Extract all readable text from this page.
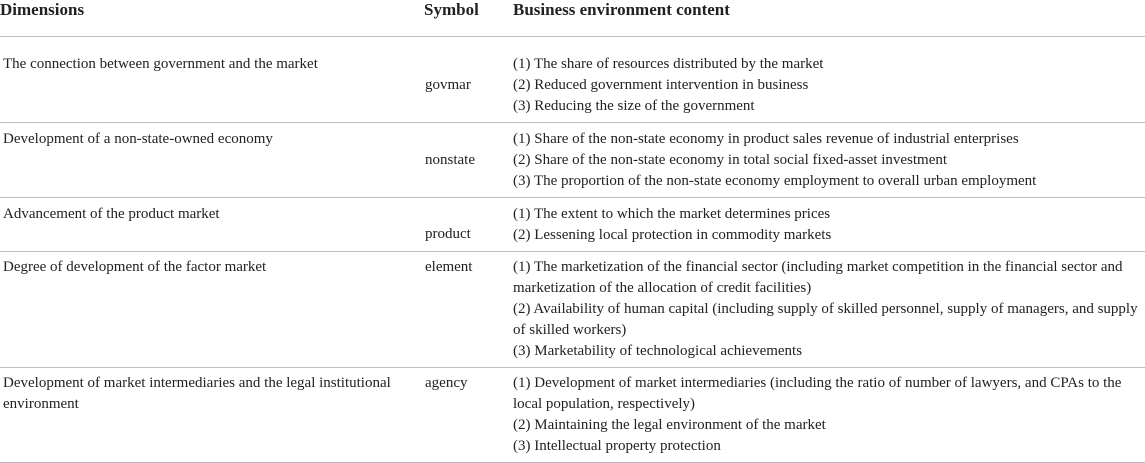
Dimensions	Symbol	Business environment content
The connection between government and the market	govmar	(1) The share of resources distributed by the market

(2) Reduced government intervention in business

(3) Reducing the size of the government

Development of a non-state-owned economy	nonstate	(1) Share of the non-state economy in product sales revenue of industrial enterprises

(2) Share of the non-state economy in total social fixed-asset investment

(3) The proportion of the non-state economy employment to overall urban employment

Advancement of the product market	product	(1) The extent to which the market determines prices

(2) Lessening local protection in commodity markets

Degree of development of the factor market	element	(1) The marketization of the financial sector (including market competition in the financial sector and marketization of the allocation of credit facilities)

(2) Availability of human capital (including supply of skilled personnel, supply of managers, and supply of skilled workers)

(3) Marketability of technological achievements

Development of market intermediaries and the legal institutional environment	agency	(1) Development of market intermediaries (including the ratio of number of lawyers, and CPAs to the local population, respectively)

(2) Maintaining the legal environment of the market

(3) Intellectual property protection
